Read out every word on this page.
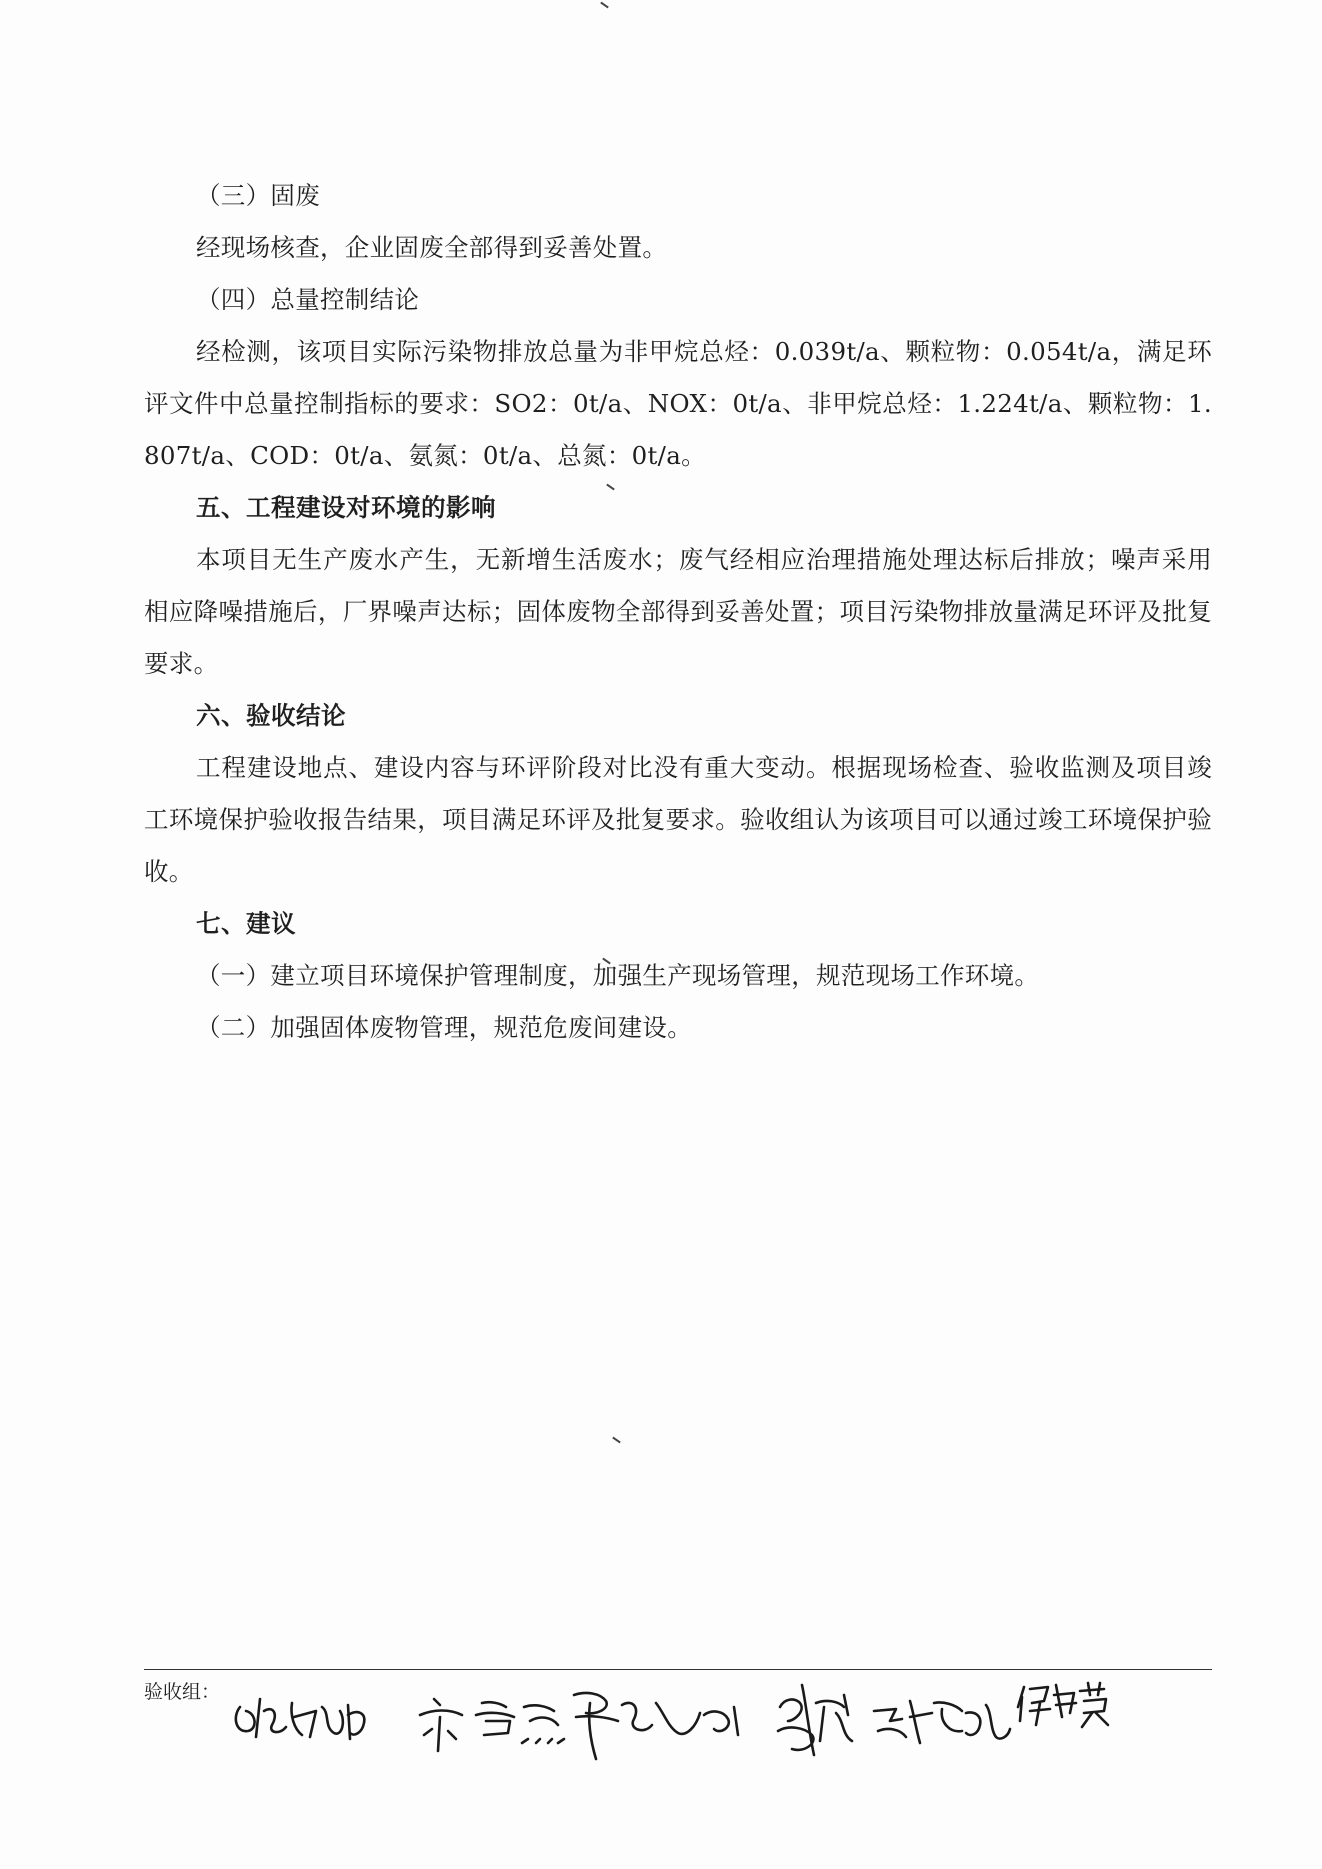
（三）固废

经现场核查，企业固废全部得到妥善处置。

（四）总量控制结论

经检测，该项目实际污染物排放总量为非甲烷总烃：0.039t/a、颗粒物：0.054t/a，满足环评文件中总量控制指标的要求：SO2：0t/a、NOX：0t/a、非甲烷总烃：1.224t/a、颗粒物：1.807t/a、COD：0t/a、氨氮：0t/a、总氮：0t/a。

五、工程建设对环境的影响

本项目无生产废水产生，无新增生活废水；废气经相应治理措施处理达标后排放；噪声采用相应降噪措施后，厂界噪声达标；固体废物全部得到妥善处置；项目污染物排放量满足环评及批复要求。

六、验收结论

工程建设地点、建设内容与环评阶段对比没有重大变动。根据现场检查、验收监测及项目竣工环境保护验收报告结果，项目满足环评及批复要求。验收组认为该项目可以通过竣工环境保护验收。

七、建议

（一）建立项目环境保护管理制度，加强生产现场管理，规范现场工作环境。

（二）加强固体废物管理，规范危废间建设。

验收组：
